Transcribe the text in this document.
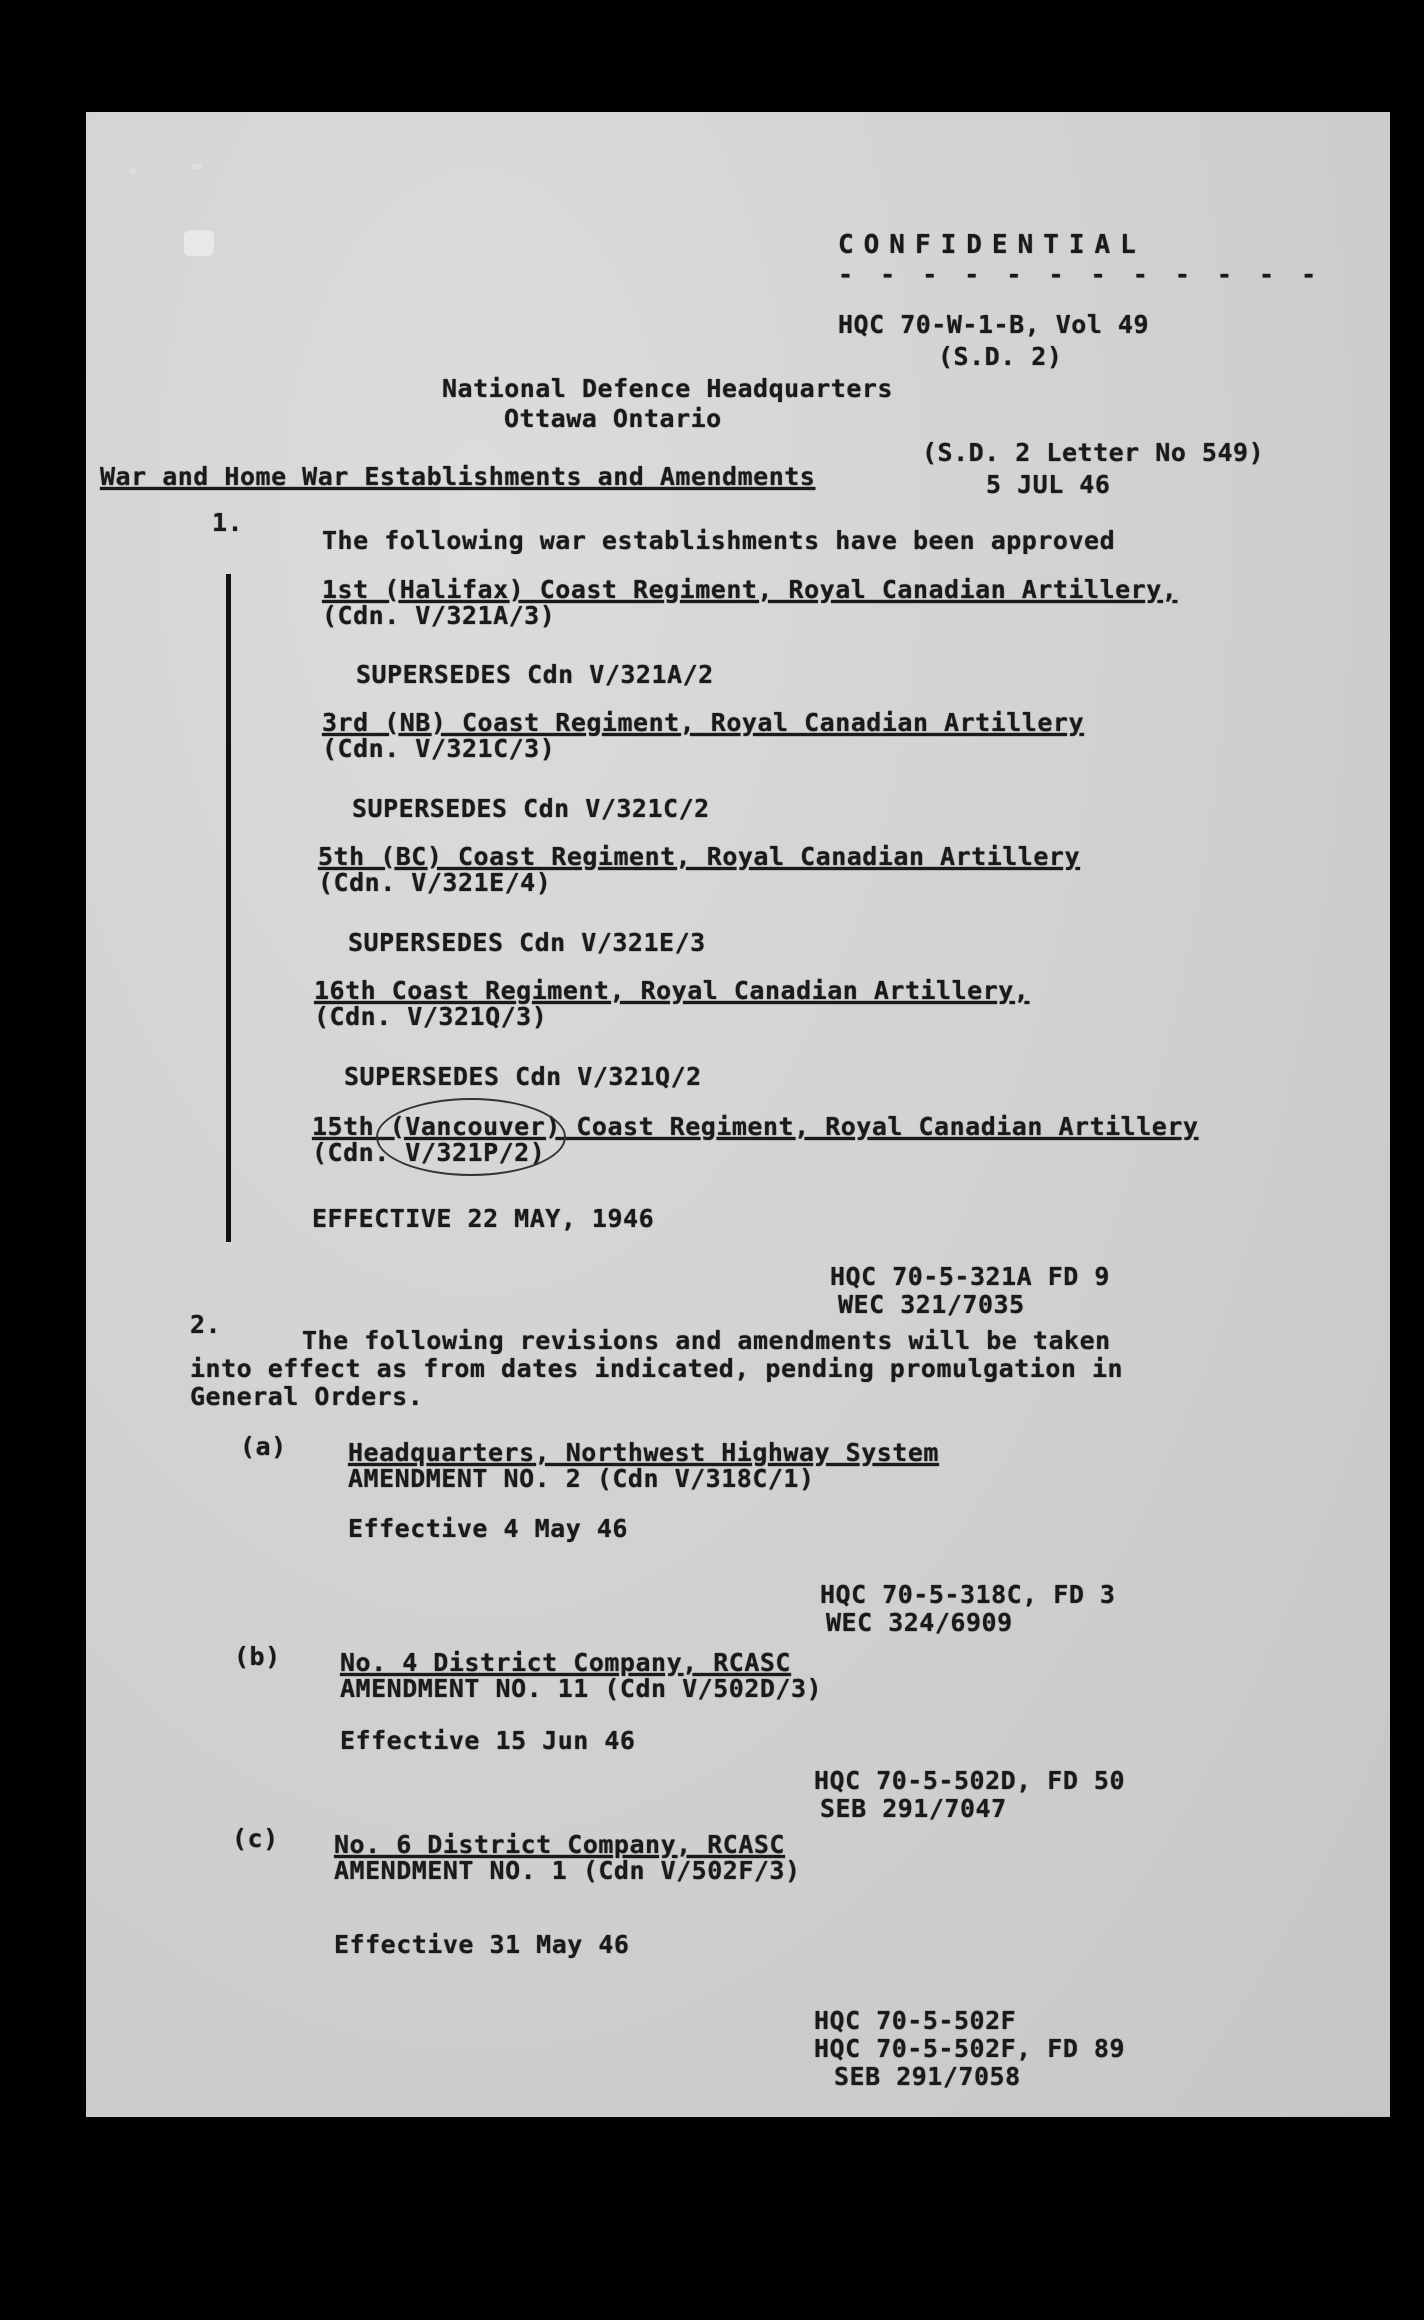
CONFIDENTIAL
- - - - - - - - - - - -
HQC 70-W-1-B, Vol 49
(S.D. 2)
National Defence Headquarters
Ottawa Ontario
(S.D. 2 Letter No 549)
5 JUL 46
War and Home War Establishments and Amendments
1.
The following war establishments have been approved
1st (Halifax) Coast Regiment, Royal Canadian Artillery,
(Cdn. V/321A/3)
SUPERSEDES Cdn V/321A/2
3rd (NB) Coast Regiment, Royal Canadian Artillery
(Cdn. V/321C/3)
SUPERSEDES Cdn V/321C/2
5th (BC) Coast Regiment, Royal Canadian Artillery
(Cdn. V/321E/4)
SUPERSEDES Cdn V/321E/3
16th Coast Regiment, Royal Canadian Artillery,
(Cdn. V/321Q/3)
SUPERSEDES Cdn V/321Q/2
15th (Vancouver) Coast Regiment, Royal Canadian Artillery
(Cdn. V/321P/2)
EFFECTIVE 22 MAY, 1946
HQC 70-5-321A FD 9
WEC 321/7035
2.
The following revisions and amendments will be taken
into effect as from dates indicated, pending promulgation in
General Orders.
(a) Headquarters, Northwest Highway System
AMENDMENT NO. 2 (Cdn V/318C/1)
Effective 4 May 46
HQC 70-5-318C, FD 3
WEC 324/6909
(b) No. 4 District Company, RCASC
AMENDMENT NO. 11 (Cdn V/502D/3)
Effective 15 Jun 46
HQC 70-5-502D, FD 50
SEB 291/7047
(c) No. 6 District Company, RCASC
AMENDMENT NO. 1 (Cdn V/502F/3)
Effective 31 May 46
HQC 70-5-502F
HQC 70-5-502F, FD 89
SEB 291/7058
